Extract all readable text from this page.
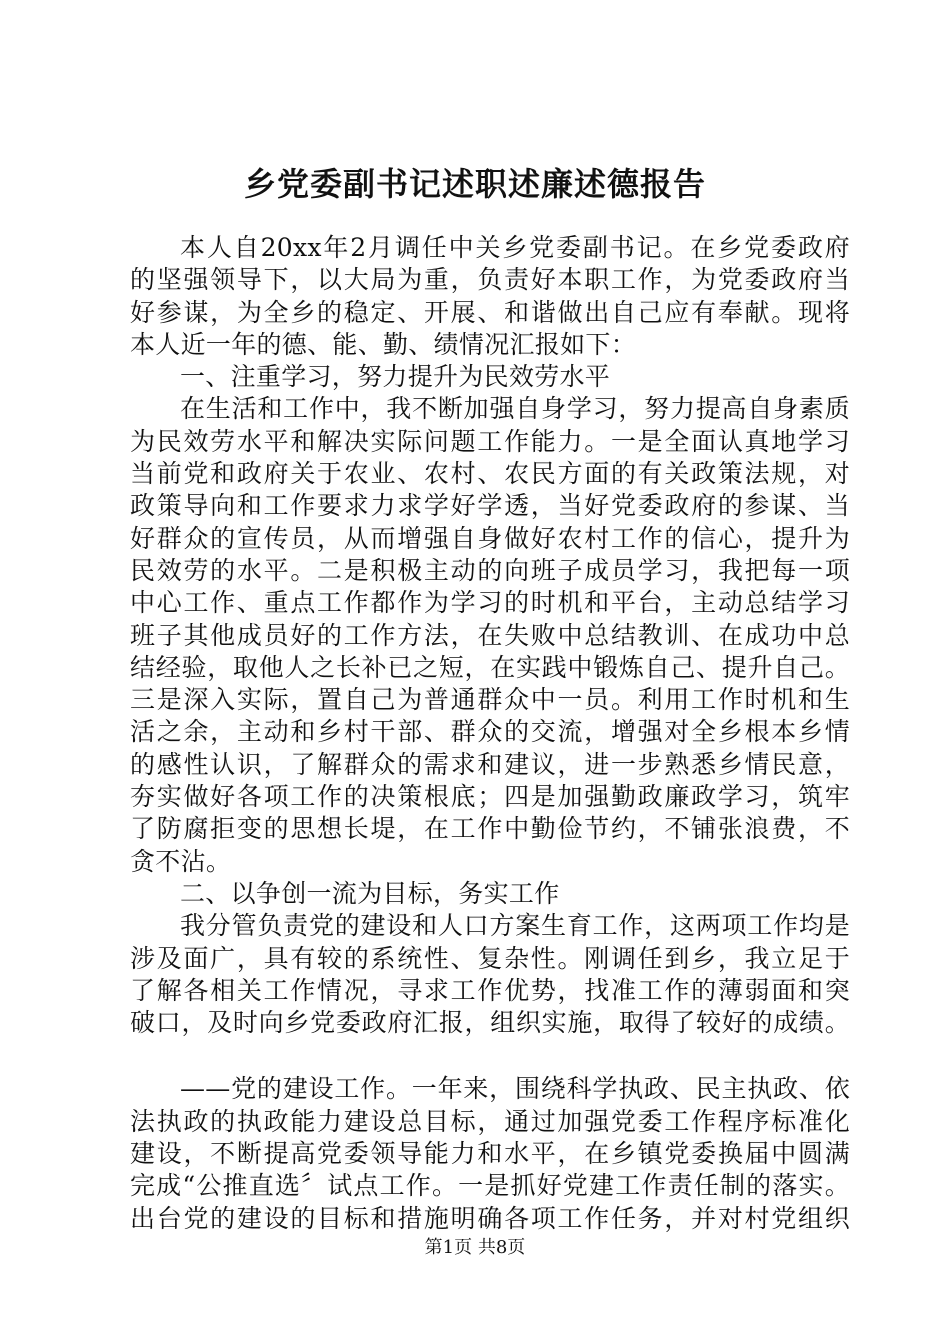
乡党委副书记述职述廉述德报告
本人自20xx年2月调任中关乡党委副书记。在乡党委政府
的坚强领导下，以大局为重，负责好本职工作，为党委政府当
好参谋，为全乡的稳定、开展、和谐做出自己应有奉献。现将
本人近一年的德、能、勤、绩情况汇报如下：
一、注重学习，努力提升为民效劳水平
在生活和工作中，我不断加强自身学习，努力提高自身素质
为民效劳水平和解决实际问题工作能力。一是全面认真地学习
当前党和政府关于农业、农村、农民方面的有关政策法规，对
政策导向和工作要求力求学好学透，当好党委政府的参谋、当
好群众的宣传员，从而增强自身做好农村工作的信心，提升为
民效劳的水平。二是积极主动的向班子成员学习，我把每一项
中心工作、重点工作都作为学习的时机和平台，主动总结学习
班子其他成员好的工作方法，在失败中总结教训、在成功中总
结经验，取他人之长补已之短，在实践中锻炼自己、提升自己。
三是深入实际，置自己为普通群众中一员。利用工作时机和生
活之余，主动和乡村干部、群众的交流，增强对全乡根本乡情
的感性认识，了解群众的需求和建议，进一步熟悉乡情民意，
夯实做好各项工作的决策根底；四是加强勤政廉政学习，筑牢
了防腐拒变的思想长堤，在工作中勤俭节约，不铺张浪费，不
贪不沾。
二、以争创一流为目标，务实工作
我分管负责党的建设和人口方案生育工作，这两项工作均是
涉及面广，具有较的系统性、复杂性。刚调任到乡，我立足于
了解各相关工作情况，寻求工作优势，找准工作的薄弱面和突
破口，及时向乡党委政府汇报，组织实施，取得了较好的成绩。
——党的建设工作。一年来，围绕科学执政、民主执政、依
法执政的执政能力建设总目标，通过加强党委工作程序标准化
建设，不断提高党委领导能力和水平，在乡镇党委换届中圆满
完成“公推直选〞试点工作。一是抓好党建工作责任制的落实。
出台党的建设的目标和措施明确各项工作任务，并对村党组织
第1页 共8页
